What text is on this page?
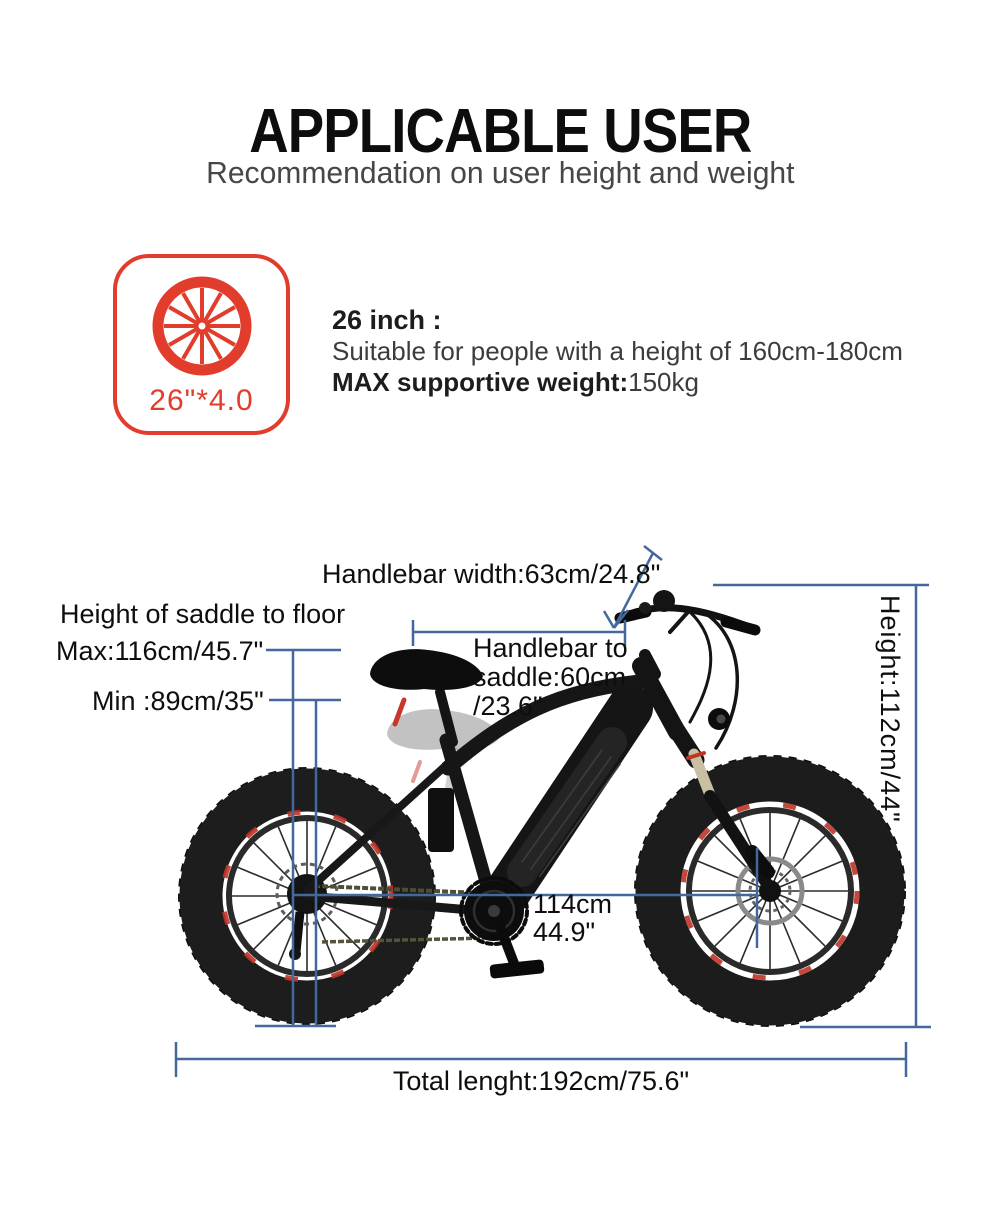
APPLICABLE USER
Recommendation on user height and weight
26"*4.0
26 inch :
Suitable for people with a height of 160cm-180cm
MAX supportive weight:150kg
Handlebar width:63cm/24.8"
Height of saddle to floor
Max:116cm/45.7"
Min :89cm/35"
Handlebar to
saddle:60cm
/23.6"	Height:112cm/44"
114cm
44.9"
Total lenght:192cm/75.6"
